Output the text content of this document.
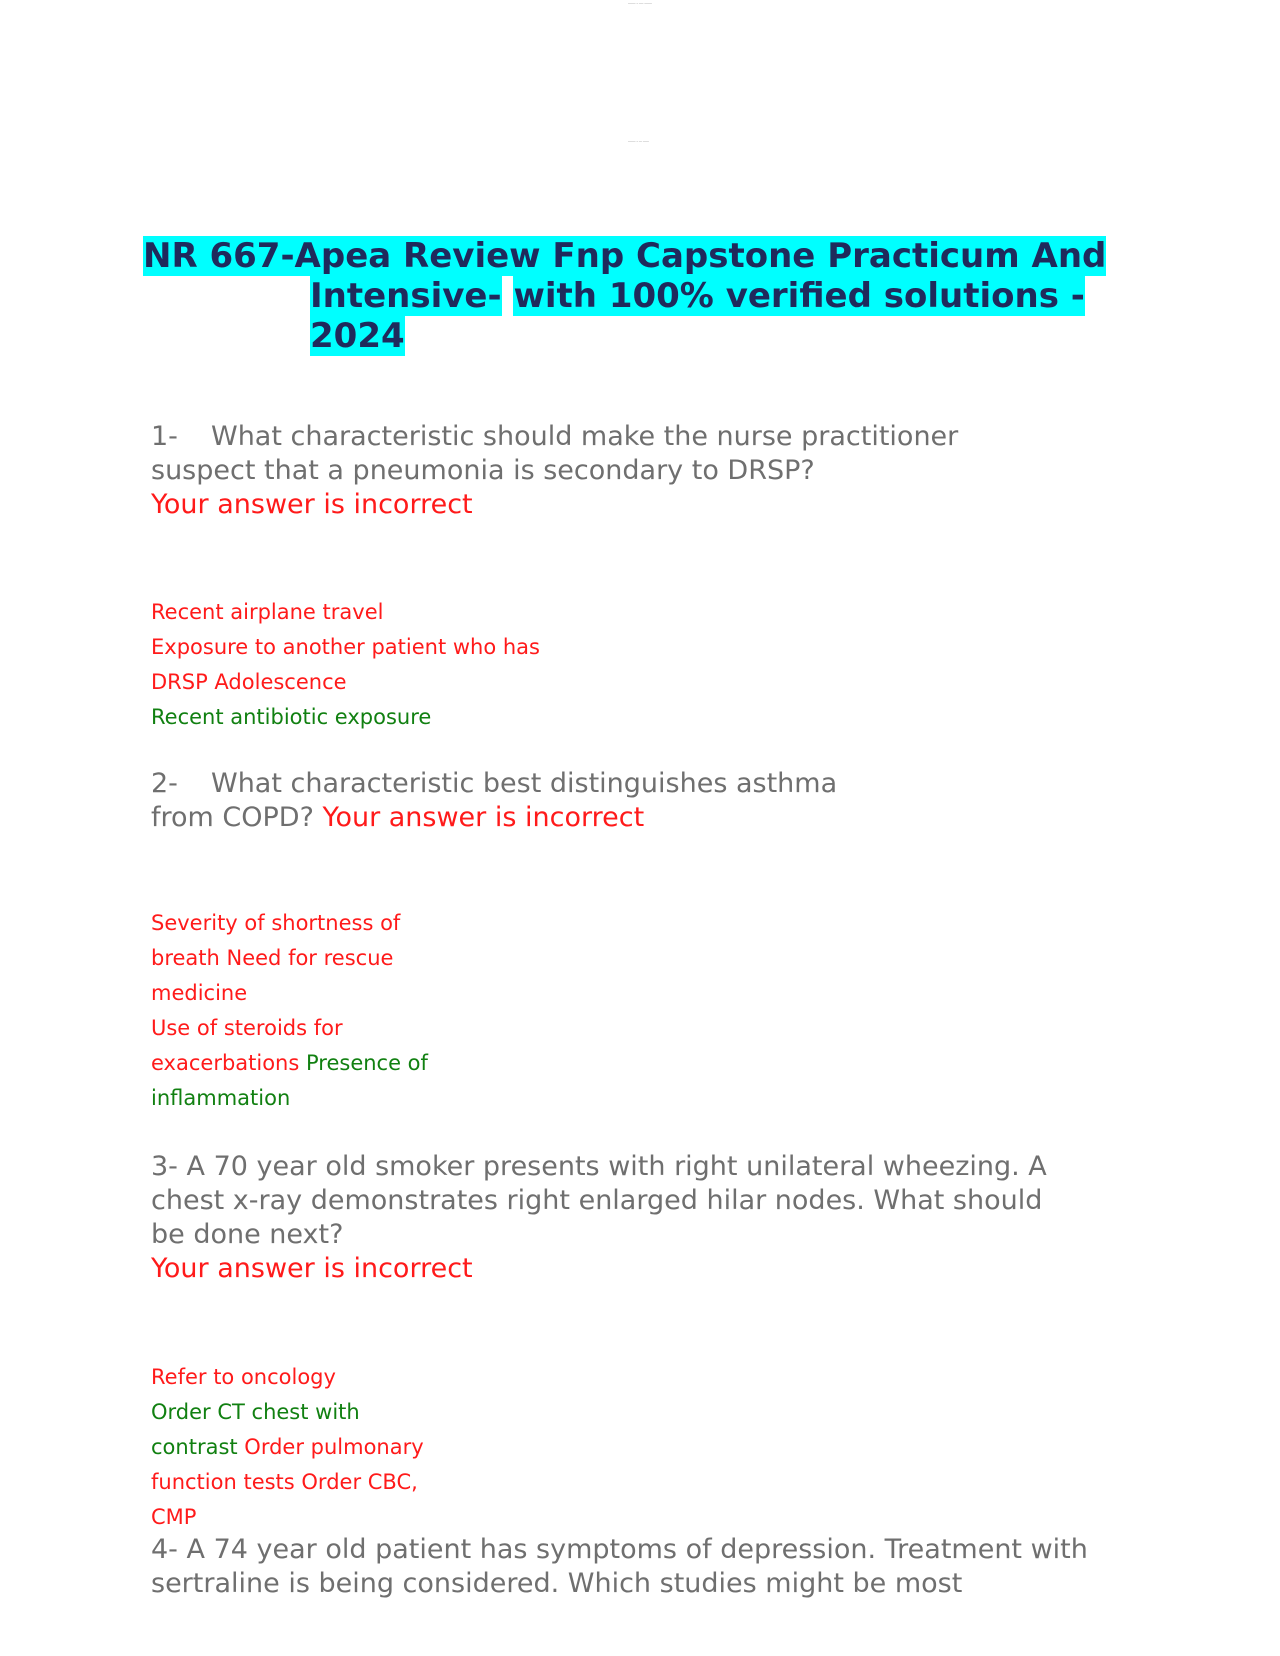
_____ _ ___ _____
_____ _ __ ____
NR 667-Apea Review Fnp Capstone Practicum And
Intensive- with 100% verified solutions -
2024
1- What characteristic should make the nurse practitioner
suspect that a pneumonia is secondary to DRSP?
Your answer is incorrect
Recent airplane travel
Exposure to another patient who has
DRSP Adolescence
Recent antibiotic exposure
2- What characteristic best distinguishes asthma
from COPD? Your answer is incorrect
Severity of shortness of
breath Need for rescue
medicine
Use of steroids for
exacerbations Presence of
inflammation
3- A 70 year old smoker presents with right unilateral wheezing. A
chest x-ray demonstrates right enlarged hilar nodes. What should
be done next?
Your answer is incorrect
Refer to oncology
Order CT chest with
contrast Order pulmonary
function tests Order CBC,
CMP
4- A 74 year old patient has symptoms of depression. Treatment with
sertraline is being considered. Which studies might be most
